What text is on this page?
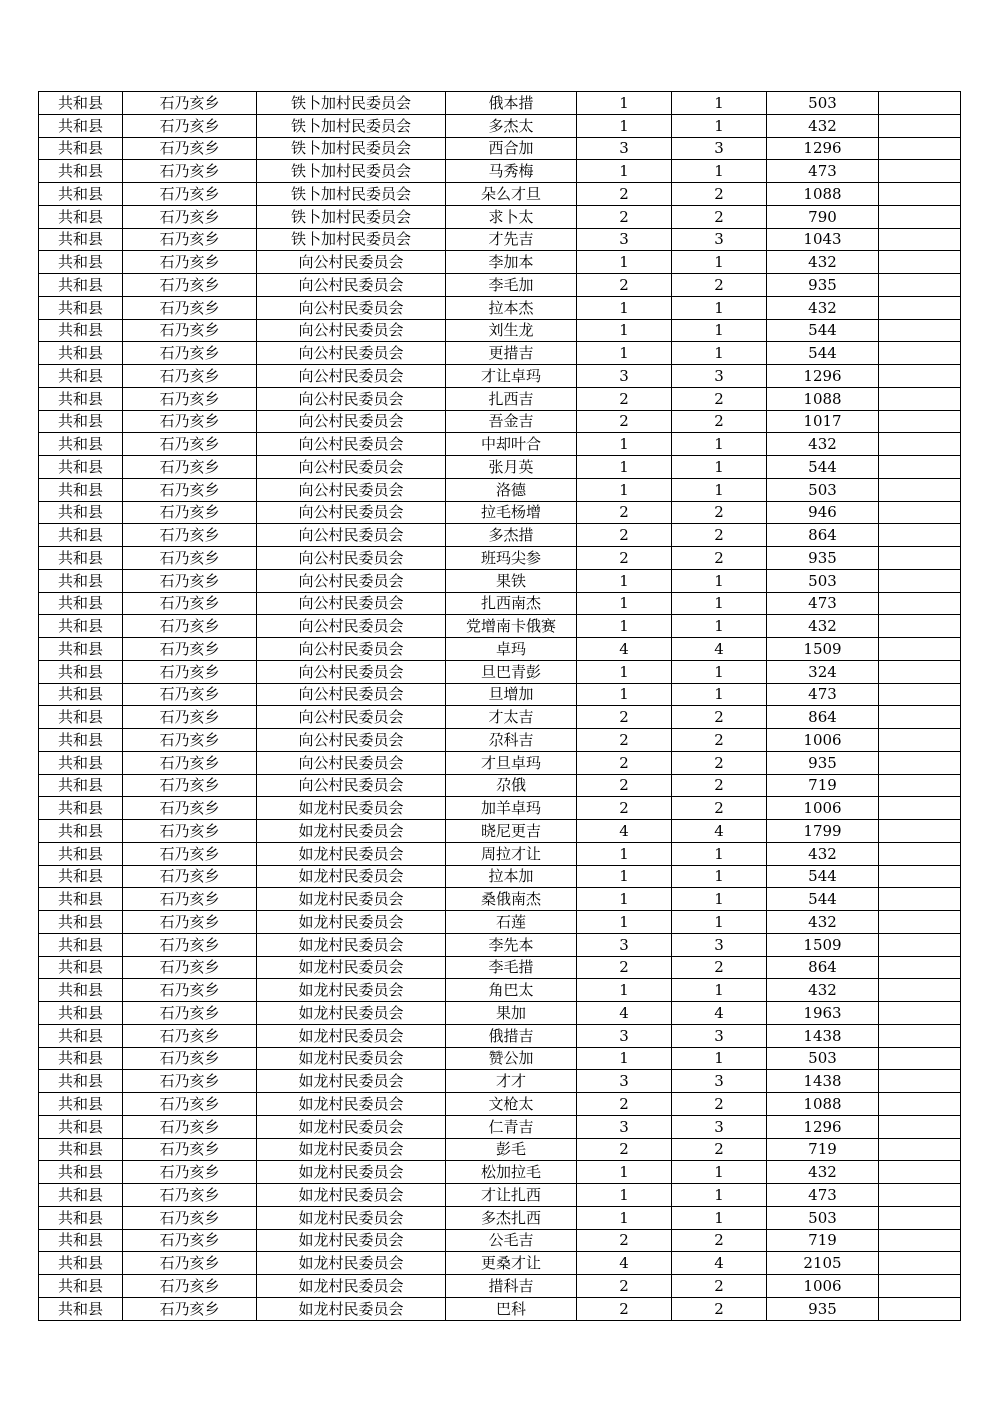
共和县	石乃亥乡	铁卜加村民委员会	俄本措	1	1	503	
共和县	石乃亥乡	铁卜加村民委员会	多杰太	1	1	432	
共和县	石乃亥乡	铁卜加村民委员会	西合加	3	3	1296	
共和县	石乃亥乡	铁卜加村民委员会	马秀梅	1	1	473	
共和县	石乃亥乡	铁卜加村民委员会	朵么才旦	2	2	1088	
共和县	石乃亥乡	铁卜加村民委员会	求卜太	2	2	790	
共和县	石乃亥乡	铁卜加村民委员会	才先吉	3	3	1043	
共和县	石乃亥乡	向公村民委员会	李加本	1	1	432	
共和县	石乃亥乡	向公村民委员会	李毛加	2	2	935	
共和县	石乃亥乡	向公村民委员会	拉本杰	1	1	432	
共和县	石乃亥乡	向公村民委员会	刘生龙	1	1	544	
共和县	石乃亥乡	向公村民委员会	更措吉	1	1	544	
共和县	石乃亥乡	向公村民委员会	才让卓玛	3	3	1296	
共和县	石乃亥乡	向公村民委员会	扎西吉	2	2	1088	
共和县	石乃亥乡	向公村民委员会	吾金吉	2	2	1017	
共和县	石乃亥乡	向公村民委员会	中却叶合	1	1	432	
共和县	石乃亥乡	向公村民委员会	张月英	1	1	544	
共和县	石乃亥乡	向公村民委员会	洛德	1	1	503	
共和县	石乃亥乡	向公村民委员会	拉毛杨增	2	2	946	
共和县	石乃亥乡	向公村民委员会	多杰措	2	2	864	
共和县	石乃亥乡	向公村民委员会	班玛尖参	2	2	935	
共和县	石乃亥乡	向公村民委员会	果铁	1	1	503	
共和县	石乃亥乡	向公村民委员会	扎西南杰	1	1	473	
共和县	石乃亥乡	向公村民委员会	党增南卡俄赛	1	1	432	
共和县	石乃亥乡	向公村民委员会	卓玛	4	4	1509	
共和县	石乃亥乡	向公村民委员会	旦巴青彭	1	1	324	
共和县	石乃亥乡	向公村民委员会	旦增加	1	1	473	
共和县	石乃亥乡	向公村民委员会	才太吉	2	2	864	
共和县	石乃亥乡	向公村民委员会	尕科吉	2	2	1006	
共和县	石乃亥乡	向公村民委员会	才旦卓玛	2	2	935	
共和县	石乃亥乡	向公村民委员会	尕俄	2	2	719	
共和县	石乃亥乡	如龙村民委员会	加羊卓玛	2	2	1006	
共和县	石乃亥乡	如龙村民委员会	晓尼更吉	4	4	1799	
共和县	石乃亥乡	如龙村民委员会	周拉才让	1	1	432	
共和县	石乃亥乡	如龙村民委员会	拉本加	1	1	544	
共和县	石乃亥乡	如龙村民委员会	桑俄南杰	1	1	544	
共和县	石乃亥乡	如龙村民委员会	石莲	1	1	432	
共和县	石乃亥乡	如龙村民委员会	李先本	3	3	1509	
共和县	石乃亥乡	如龙村民委员会	李毛措	2	2	864	
共和县	石乃亥乡	如龙村民委员会	角巴太	1	1	432	
共和县	石乃亥乡	如龙村民委员会	果加	4	4	1963	
共和县	石乃亥乡	如龙村民委员会	俄措吉	3	3	1438	
共和县	石乃亥乡	如龙村民委员会	赞公加	1	1	503	
共和县	石乃亥乡	如龙村民委员会	才才	3	3	1438	
共和县	石乃亥乡	如龙村民委员会	文枪太	2	2	1088	
共和县	石乃亥乡	如龙村民委员会	仁青吉	3	3	1296	
共和县	石乃亥乡	如龙村民委员会	彭毛	2	2	719	
共和县	石乃亥乡	如龙村民委员会	松加拉毛	1	1	432	
共和县	石乃亥乡	如龙村民委员会	才让扎西	1	1	473	
共和县	石乃亥乡	如龙村民委员会	多杰扎西	1	1	503	
共和县	石乃亥乡	如龙村民委员会	公毛吉	2	2	719	
共和县	石乃亥乡	如龙村民委员会	更桑才让	4	4	2105	
共和县	石乃亥乡	如龙村民委员会	措科吉	2	2	1006	
共和县	石乃亥乡	如龙村民委员会	巴科	2	2	935	
